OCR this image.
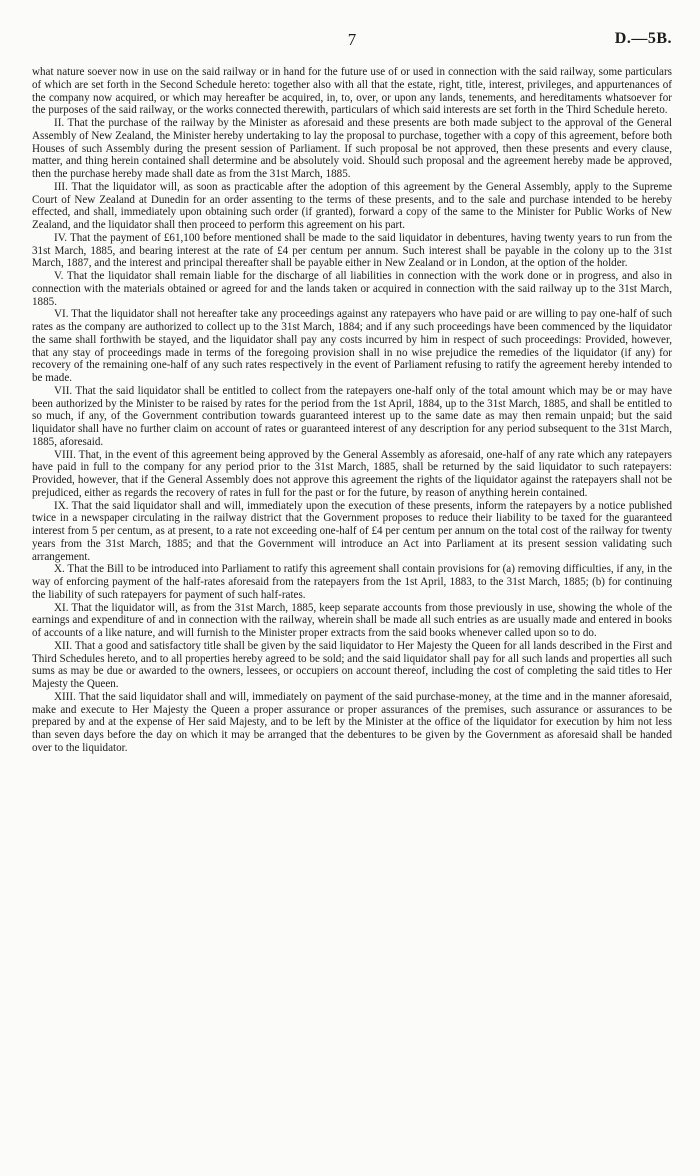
7	D.—5B.

what nature soever now in use on the said railway or in hand for the future use of or used in connection with the said railway, some particulars of which are set forth in the Second Schedule hereto: together also with all that the estate, right, title, interest, privileges, and appurtenances of the company now acquired, or which may hereafter be acquired, in, to, over, or upon any lands, tenements, and hereditaments whatsoever for the purposes of the said railway, or the works connected therewith, particulars of which said interests are set forth in the Third Schedule hereto.

II. That the purchase of the railway by the Minister as aforesaid and these presents are both made subject to the approval of the General Assembly of New Zealand, the Minister hereby undertaking to lay the proposal to purchase, together with a copy of this agreement, before both Houses of such Assembly during the present session of Parliament. If such proposal be not approved, then these presents and every clause, matter, and thing herein contained shall determine and be absolutely void. Should such proposal and the agreement hereby made be approved, then the purchase hereby made shall date as from the 31st March, 1885.

III. That the liquidator will, as soon as practicable after the adoption of this agreement by the General Assembly, apply to the Supreme Court of New Zealand at Dunedin for an order assenting to the terms of these presents, and to the sale and purchase intended to be hereby effected, and shall, immediately upon obtaining such order (if granted), forward a copy of the same to the Minister for Public Works of New Zealand, and the liquidator shall then proceed to perform this agreement on his part.

IV. That the payment of £61,100 before mentioned shall be made to the said liquidator in debentures, having twenty years to run from the 31st March, 1885, and bearing interest at the rate of £4 per centum per annum. Such interest shall be payable in the colony up to the 31st March, 1887, and the interest and principal thereafter shall be payable either in New Zealand or in London, at the option of the holder.

V. That the liquidator shall remain liable for the discharge of all liabilities in connection with the work done or in progress, and also in connection with the materials obtained or agreed for and the lands taken or acquired in connection with the said railway up to the 31st March, 1885.

VI. That the liquidator shall not hereafter take any proceedings against any ratepayers who have paid or are willing to pay one-half of such rates as the company are authorized to collect up to the 31st March, 1884; and if any such proceedings have been commenced by the liquidator the same shall forthwith be stayed, and the liquidator shall pay any costs incurred by him in respect of such proceedings: Provided, however, that any stay of proceedings made in terms of the foregoing provision shall in no wise prejudice the remedies of the liquidator (if any) for recovery of the remaining one-half of any such rates respectively in the event of Parliament refusing to ratify the agreement hereby intended to be made.

VII. That the said liquidator shall be entitled to collect from the ratepayers one-half only of the total amount which may be or may have been authorized by the Minister to be raised by rates for the period from the 1st April, 1884, up to the 31st March, 1885, and shall be entitled to so much, if any, of the Government contribution towards guaranteed interest up to the same date as may then remain unpaid; but the said liquidator shall have no further claim on account of rates or guaranteed interest of any description for any period subsequent to the 31st March, 1885, aforesaid.

VIII. That, in the event of this agreement being approved by the General Assembly as aforesaid, one-half of any rate which any ratepayers have paid in full to the company for any period prior to the 31st March, 1885, shall be returned by the said liquidator to such ratepayers: Provided, however, that if the General Assembly does not approve this agreement the rights of the liquidator against the ratepayers shall not be prejudiced, either as regards the recovery of rates in full for the past or for the future, by reason of anything herein contained.

IX. That the said liquidator shall and will, immediately upon the execution of these presents, inform the ratepayers by a notice published twice in a newspaper circulating in the railway district that the Government proposes to reduce their liability to be taxed for the guaranteed interest from 5 per centum, as at present, to a rate not exceeding one-half of £4 per centum per annum on the total cost of the railway for twenty years from the 31st March, 1885; and that the Government will introduce an Act into Parliament at its present session validating such arrangement.

X. That the Bill to be introduced into Parliament to ratify this agreement shall contain provisions for (a) removing difficulties, if any, in the way of enforcing payment of the half-rates aforesaid from the ratepayers from the 1st April, 1883, to the 31st March, 1885; (b) for continuing the liability of such ratepayers for payment of such half-rates.

XI. That the liquidator will, as from the 31st March, 1885, keep separate accounts from those previously in use, showing the whole of the earnings and expenditure of and in connection with the railway, wherein shall be made all such entries as are usually made and entered in books of accounts of a like nature, and will furnish to the Minister proper extracts from the said books whenever called upon so to do.

XII. That a good and satisfactory title shall be given by the said liquidator to Her Majesty the Queen for all lands described in the First and Third Schedules hereto, and to all properties hereby agreed to be sold; and the said liquidator shall pay for all such lands and properties all such sums as may be due or awarded to the owners, lessees, or occupiers on account thereof, including the cost of completing the said titles to Her Majesty the Queen.

XIII. That the said liquidator shall and will, immediately on payment of the said purchase-money, at the time and in the manner aforesaid, make and execute to Her Majesty the Queen a proper assurance or proper assurances of the premises, such assurance or assurances to be prepared by and at the expense of Her said Majesty, and to be left by the Minister at the office of the liquidator for execution by him not less than seven days before the day on which it may be arranged that the debentures to be given by the Government as aforesaid shall be handed over to the liquidator.
